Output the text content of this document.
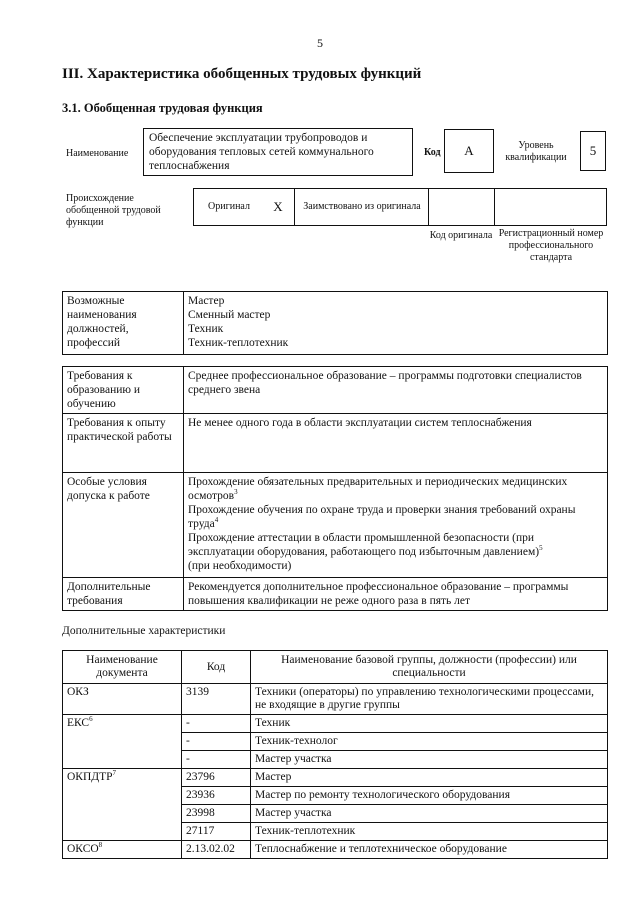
5
III. Характеристика обобщенных трудовых функций
3.1. Обобщенная трудовая функция
Наименование
Обеспечение эксплуатации трубопроводов и оборудования тепловых сетей коммунального теплоснабжения
Код	А	Уровень квалификации	5
Происхождение обобщенной трудовой функции
Оригинал	X	Заимствовано из оригинала
Код оригинала Регистрационный номер профессионального стандарта
Возможные наименования должностей, профессий	
Мастер
Сменный мастер
Техник
Техник-теплотехник
Требования к образованию и обучению	Среднее профессиональное образование – программы подготовки специалистов среднего звена
Требования к опыту практической работы	Не менее одного года в области эксплуатации систем теплоснабжения
Особые условия допуска к работе	Прохождение обязательных предварительных и периодических медицинских осмотров$^3$
Прохождение обучения по охране труда и проверки знания требований охраны труда$^4$
Прохождение аттестации в области промышленной безопасности (при эксплуатации оборудования, работающего под избыточным давлением)$^5$
(при необходимости)

Дополнительные требования	Рекомендуется дополнительное профессиональное образование – программы повышения квалификации не реже одного раза в пять лет
Дополнительные характеристики
Наименование документа	Код	Наименование базовой группы, должности (профессии) или специальности
ОКЗ	3139	Техники (операторы) по управлению технологическими процессами, не входящие в другие группы
ЕКС$^6$	-	Техник
	-	Техник-технолог
	-	Мастер участка
ОКПДТР$^7$	23796	Мастер
	23936	Мастер по ремонту технологического оборудования
	23998	Мастер участка
	27117	Техник-теплотехник
ОКСО$^8$	2.13.02.02	Теплоснабжение и теплотехническое оборудование
